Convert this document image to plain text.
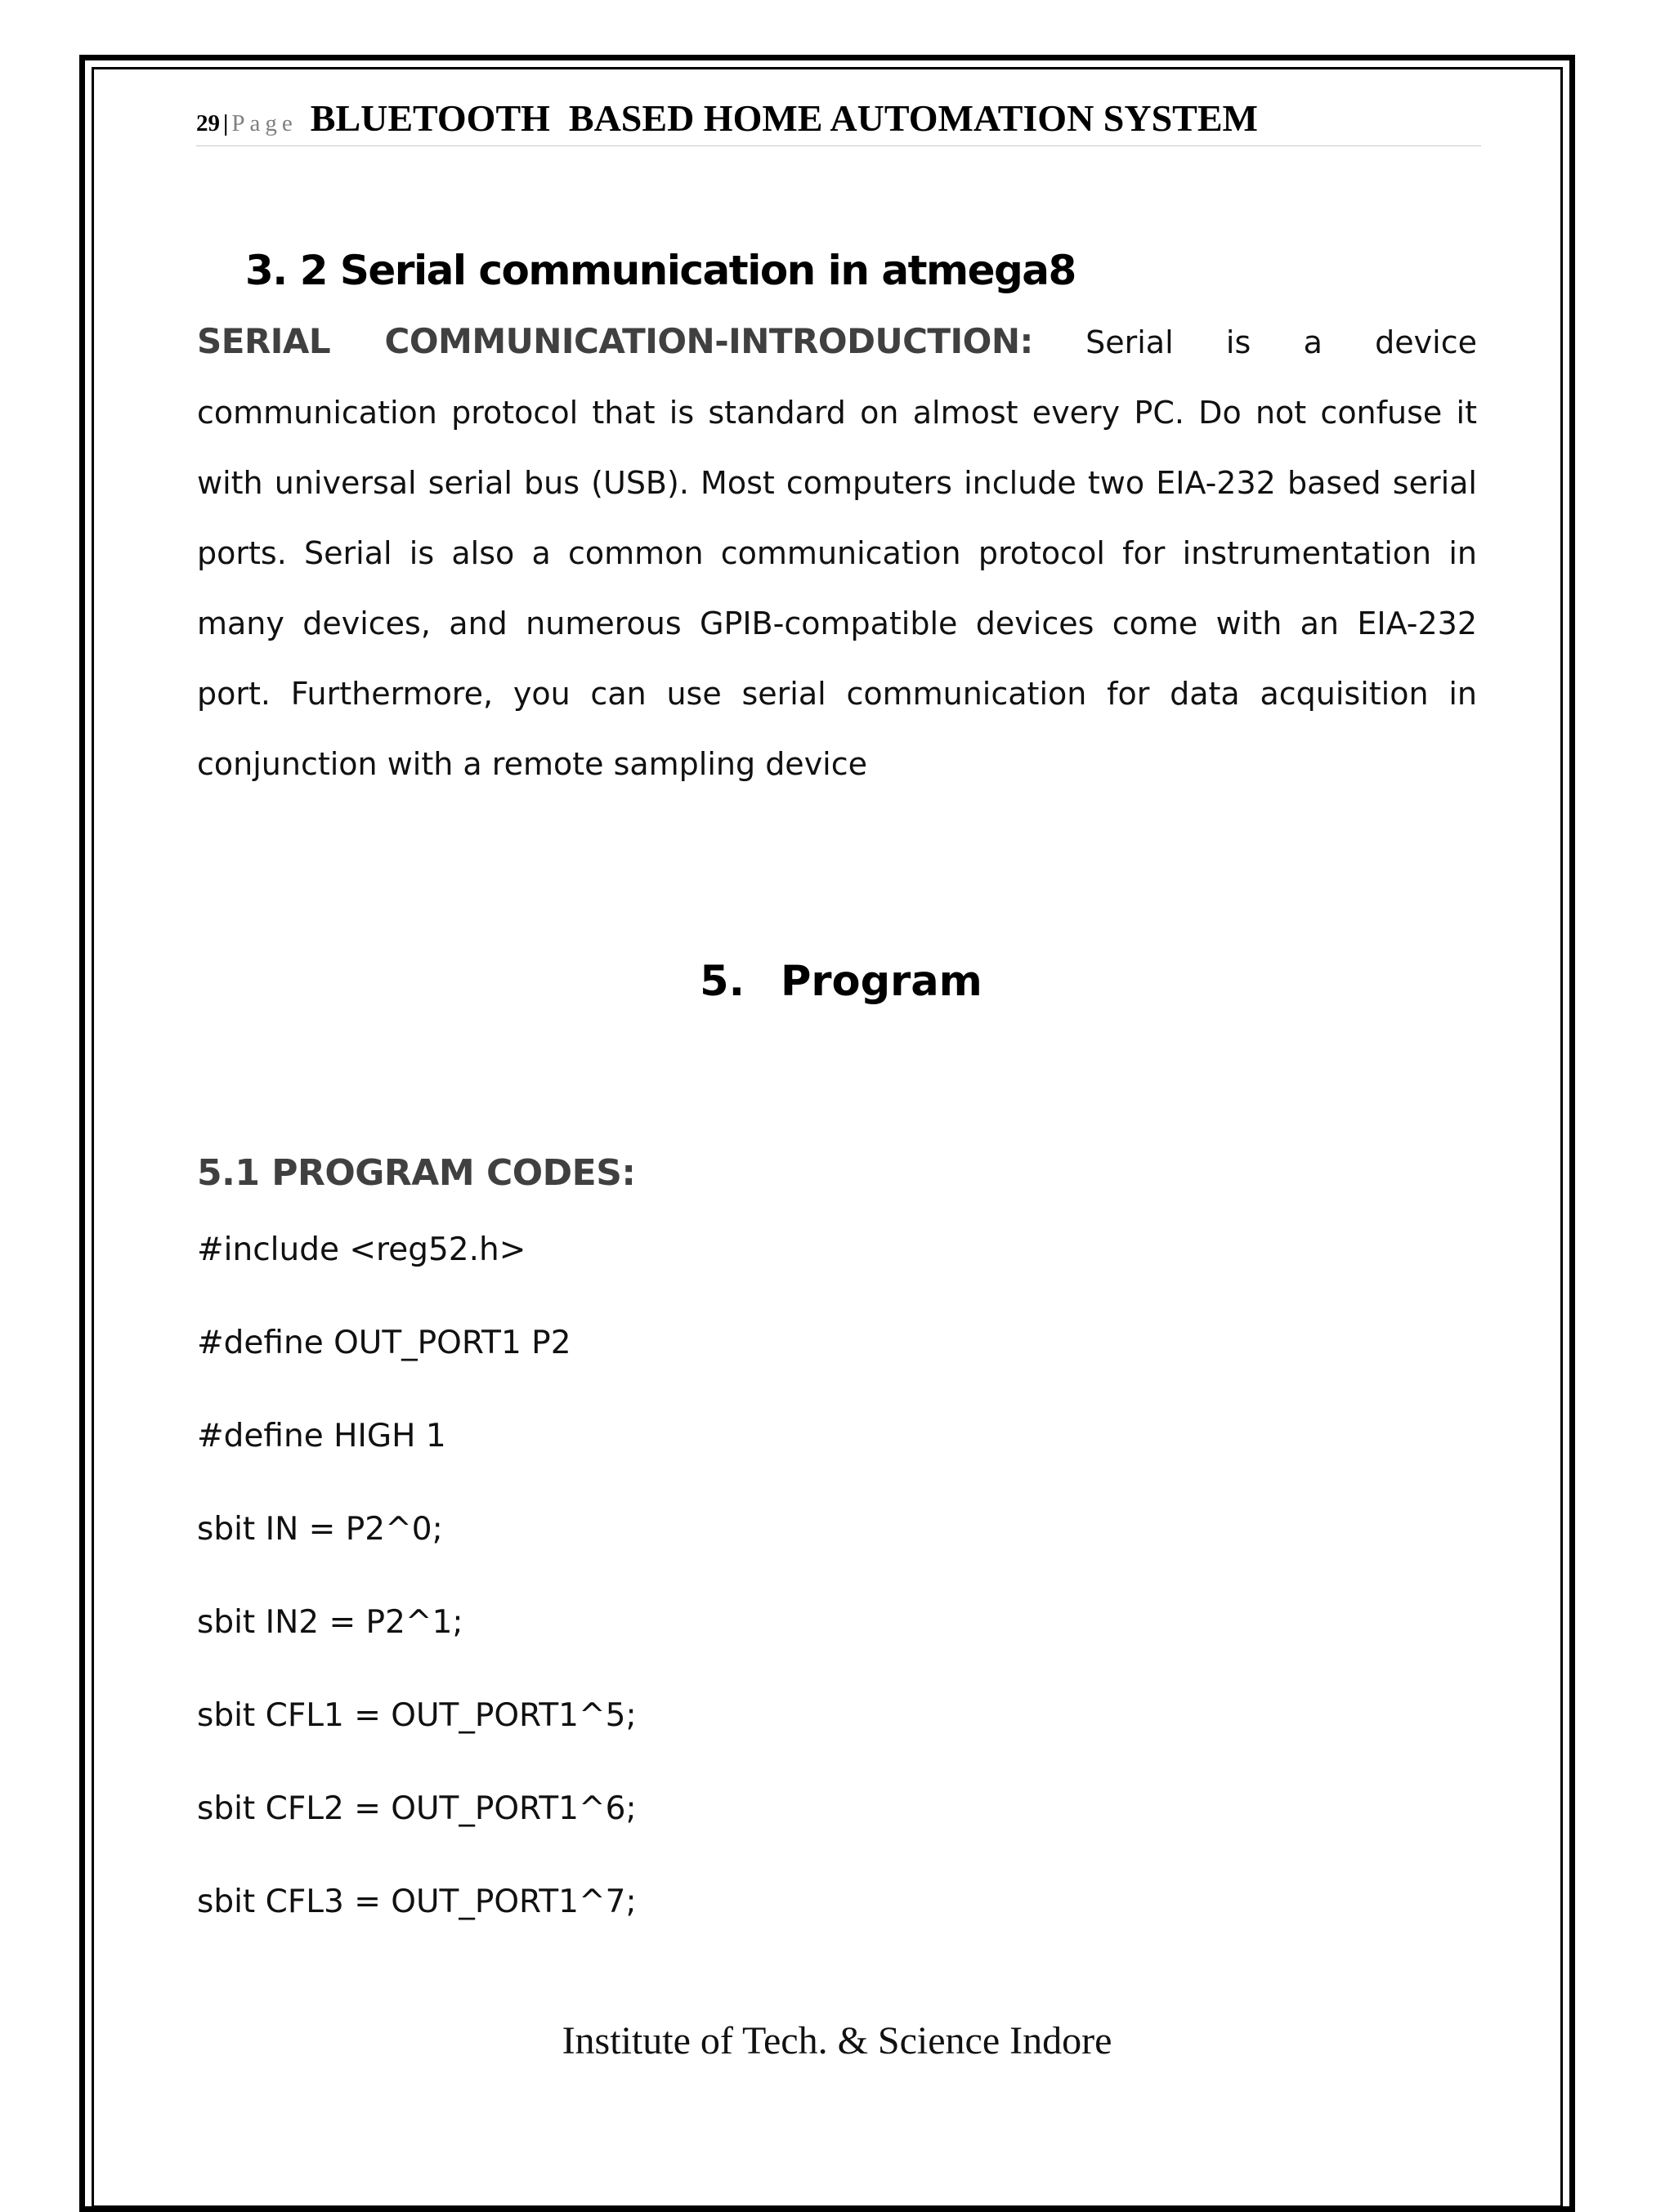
29 | Page BLUETOOTH  BASED HOME AUTOMATION SYSTEM
3. 2 Serial communication in atmega8

SERIAL COMMUNICATION-INTRODUCTION: Serial is a device communication protocol that is standard on almost every PC. Do not confuse it with universal serial bus (USB). Most computers include two EIA-232 based serial ports. Serial is also a common communication protocol for instrumentation in many devices, and numerous GPIB-compatible devices come with an EIA-232 port. Furthermore, you can use serial communication for data acquisition in conjunction with a remote sampling device

5. Program
5.1 PROGRAM CODES:
#include <reg52.h>
#define OUT_PORT1 P2
#define HIGH 1
sbit IN = P2^0;
sbit IN2 = P2^1;
sbit CFL1 = OUT_PORT1^5;
sbit CFL2 = OUT_PORT1^6;
sbit CFL3 = OUT_PORT1^7;
Institute of Tech. & Science Indore
